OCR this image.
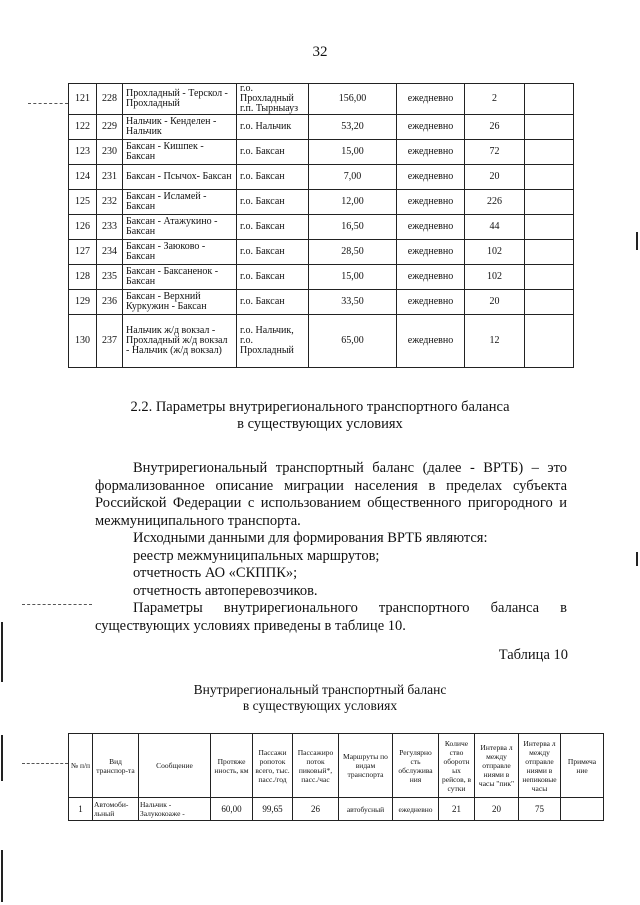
32
121	228	Прохладный - Терскол - Прохладный	г.о. Прохладный г.п. Тырныауз	156,00	ежедневно	2	
122	229	Нальчик - Кенделен - Нальчик	г.о. Нальчик	53,20	ежедневно	26	
123	230	Баксан - Кишпек - Баксан	г.о. Баксан	15,00	ежедневно	72	
124	231	Баксан - Псычох- Баксан	г.о. Баксан	7,00	ежедневно	20	
125	232	Баксан - Исламей - Баксан	г.о. Баксан	12,00	ежедневно	226	
126	233	Баксан - Атажукино - Баксан	г.о. Баксан	16,50	ежедневно	44	
127	234	Баксан - Заюково - Баксан	г.о. Баксан	28,50	ежедневно	102	
128	235	Баксан - Баксаненок - Баксан	г.о. Баксан	15,00	ежедневно	102	
129	236	Баксан - Верхний Куркужин - Баксан	г.о. Баксан	33,50	ежедневно	20	
130	237	Нальчик ж/д вокзал - Прохладный ж/д вокзал - Нальчик (ж/д вокзал)	г.о. Нальчик, г.о. Прохладный	65,00	ежедневно	12	
2.2. Параметры внутрирегионального транспортного баланса
в существующих условиях

Внутрирегиональный транспортный баланс (далее - ВРТБ) – это формализованное описание миграции населения в пределах субъекта Российской Федерации с использованием общественного пригородного и межмуниципального транспорта.

Исходными данными для формирования ВРТБ являются:

реестр межмуниципальных маршрутов;

отчетность АО «СКППК»;

отчетность автоперевозчиков.

Параметры внутрирегионального транспортного баланса в существующих условиях приведены в таблице 10.

Таблица 10
Внутрирегиональный транспортный баланс
в существующих условиях
№ п/п	Вид транспор-та	Сообщение	Протяже нность, км	Пассажи ропоток всего, тыс. пасс./год	Пассажиро поток пиковый*, пасс./час	Маршруты по видам транспорта	Регулярно сть обслужива ния	Количе ство оборотн ых рейсов, в сутки	Интерва л между отправле ниями в часы "пик"	Интерва л между отправле ниями в непиковые часы	Примеча ние
1	Автомоби-льный	Нальчик - Залукокоаже -	60,00	99,65	26	автобусный	ежедневно	21	20	75	
